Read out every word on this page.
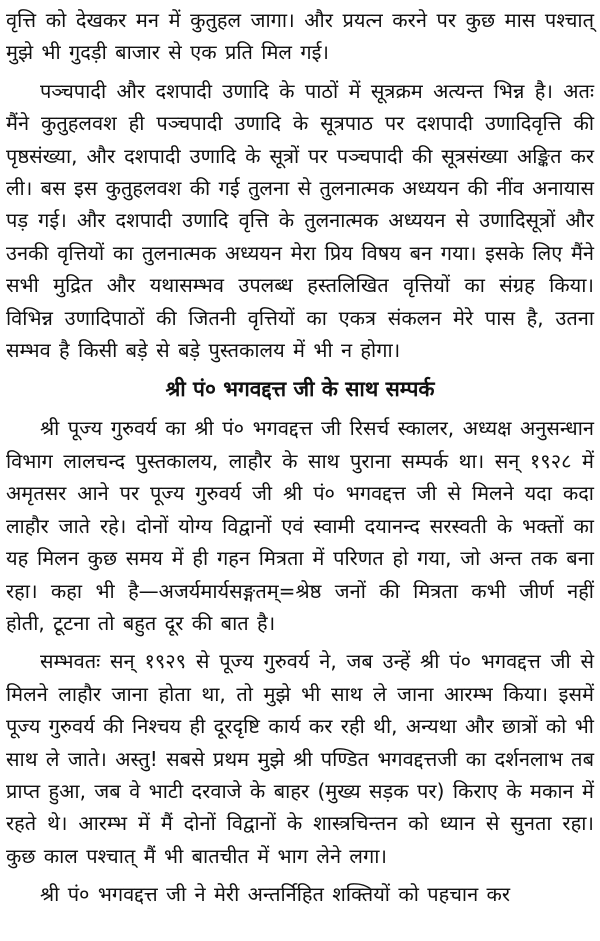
वृत्ति को देखकर मन में कुतुहल जागा। और प्रयत्न करने पर कुछ मास पश्चात् मुझे भी गुदड़ी बाजार से एक प्रति मिल गई।

पञ्चपादी और दशपादी उणादि के पाठों में सूत्रक्रम अत्यन्त भिन्न है। अतः मैंने कुतुहलवश ही पञ्चपादी उणादि के सूत्रपाठ पर दशपादी उणादिवृत्ति की पृष्ठसंख्या, और दशपादी उणादि के सूत्रों पर पञ्चपादी की सूत्रसंख्या अङ्कित कर ली। बस इस कुतुहलवश की गई तुलना से तुलनात्मक अध्ययन की नींव अनायास पड़ गई। और दशपादी उणादि वृत्ति के तुलनात्मक अध्ययन से उणादिसूत्रों और उनकी वृत्तियों का तुलनात्मक अध्ययन मेरा प्रिय विषय बन गया। इसके लिए मैंने सभी मुद्रित और यथासम्भव उपलब्ध हस्तलिखित वृत्तियों का संग्रह किया। विभिन्न उणादिपाठों की जितनी वृत्तियों का एकत्र संकलन मेरे पास है, उतना सम्भव है किसी बड़े से बड़े पुस्तकालय में भी न होगा।

श्री पं० भगवद्दत्त जी के साथ सम्पर्क

श्री पूज्य गुरुवर्य का श्री पं० भगवद्दत्त जी रिसर्च स्कालर, अध्यक्ष अनुसन्धान विभाग लालचन्द पुस्तकालय, लाहौर के साथ पुराना सम्पर्क था। सन् १९२८ में अमृतसर आने पर पूज्य गुरुवर्य जी श्री पं० भगवद्दत्त जी से मिलने यदा कदा लाहौर जाते रहे। दोनों योग्य विद्वानों एवं स्वामी दयानन्द सरस्वती के भक्तों का यह मिलन कुछ समय में ही गहन मित्रता में परिणत हो गया, जो अन्त तक बना रहा। कहा भी है—अजर्यमार्यसङ्गतम्=श्रेष्ठ जनों की मित्रता कभी जीर्ण नहीं होती, टूटना तो बहुत दूर की बात है।

सम्भवतः सन् १९२९ से पूज्य गुरुवर्य ने, जब उन्हें श्री पं० भगवद्दत्त जी से मिलने लाहौर जाना होता था, तो मुझे भी साथ ले जाना आरम्भ किया। इसमें पूज्य गुरुवर्य की निश्चय ही दूरदृष्टि कार्य कर रही थी, अन्यथा और छात्रों को भी साथ ले जाते। अस्तु! सबसे प्रथम मुझे श्री पण्डित भगवद्दत्तजी का दर्शनलाभ तब प्राप्त हुआ, जब वे भाटी दरवाजे के बाहर (मुख्य सड़क पर) किराए के मकान में रहते थे। आरम्भ में मैं दोनों विद्वानों के शास्त्रचिन्तन को ध्यान से सुनता रहा। कुछ काल पश्चात् मैं भी बातचीत में भाग लेने लगा।

श्री पं० भगवद्दत्त जी ने मेरी अन्तर्निहित शक्तियों को पहचान कर
